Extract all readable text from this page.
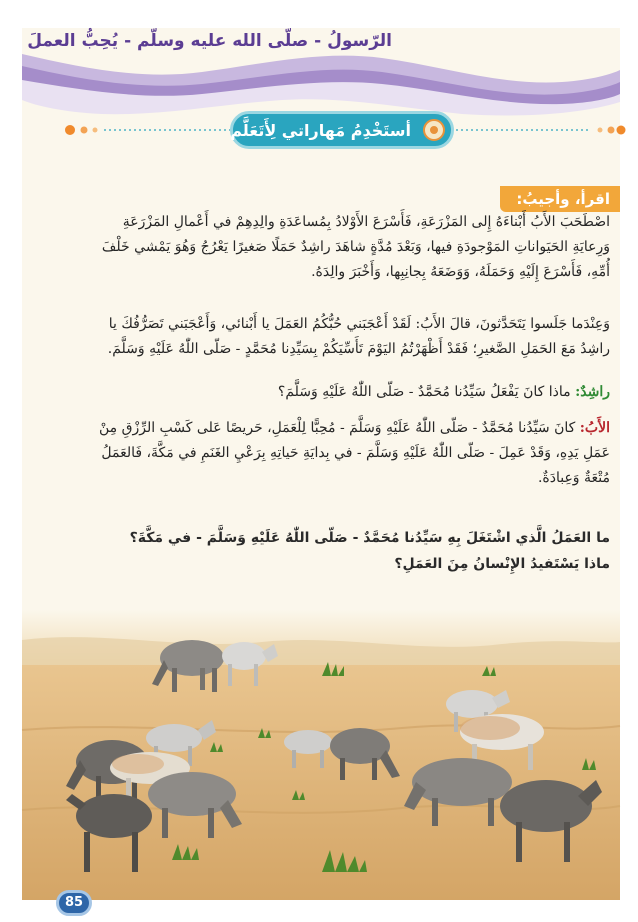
الرّسولُ - صلّى الله عليه وسلّم - يُحِبُّ العملَ
أستَخْدِمُ مَهاراتي لِأَتَعَلَّم
اقرأ، وأجيبُ:
اصْطَحَبَ الأَبُ أَبْناءَهُ إِلى المَزْرَعَةِ، فَأَسْرَعَ الأَوْلادُ بِمُساعَدَةِ والِدِهِمْ في أَعْمالِ المَزْرَعَةِ
وَرِعايَةِ الحَيَواناتِ المَوْجودَةِ فيها، وَبَعْدَ مُدَّةٍ شاهَدَ راشِدٌ حَمَلًا صَغيرًا يَعْرُجُ وَهُوَ يَمْشي خَلْفَ
أُمِّهِ، فَأَسْرَعَ إِلَيْهِ وَحَمَلَهُ، وَوَضَعَهُ بِجانِبِها، وَأَخْبَرَ والِدَهُ.
وَعِنْدَما جَلَسوا يَتَحَدَّثونَ، قالَ الأَبُ: لَقَدْ أَعْجَبَني حُبُّكُمُ العَمَلَ يا أَبْنائي، وَأَعْجَبَني تَصَرُّفُكَ يا
راشِدُ مَعَ الحَمَلِ الصَّغيرِ؛ فَقَدْ أَظْهَرْتُمُ اليَوْمَ تَأَسِّيَكُمْ بِسَيِّدِنا مُحَمَّدٍ - صَلّى اللّٰهُ عَلَيْهِ وَسَلَّمَ.
راشِدٌ: ماذا كانَ يَفْعَلُ سَيِّدُنا مُحَمَّدٌ - صَلّى اللّٰهُ عَلَيْهِ وَسَلَّمَ؟
الأَبُ: كانَ سَيِّدُنا مُحَمَّدٌ - صَلّى اللّٰهُ عَلَيْهِ وَسَلَّمَ - مُحِبًّا لِلْعَمَلِ، حَريصًا عَلى كَسْبِ الرِّزْقِ مِنْ
عَمَلِ يَدِهِ، وَقَدْ عَمِلَ - صَلّى اللّٰهُ عَلَيْهِ وَسَلَّمَ - في بِدايَةِ حَياتِهِ بِرَعْيِ الغَنَمِ في مَكَّةَ، فَالعَمَلُ
مُتْعَةٌ وَعِبادَةٌ.
ما العَمَلُ الَّذي اشْتَغَلَ بِهِ سَيِّدُنا مُحَمَّدٌ - صَلّى اللّٰهُ عَلَيْهِ وَسَلَّمَ - في مَكَّةَ؟
ماذا يَسْتَفيدُ الإِنْسانُ مِنَ العَمَلِ؟
85
